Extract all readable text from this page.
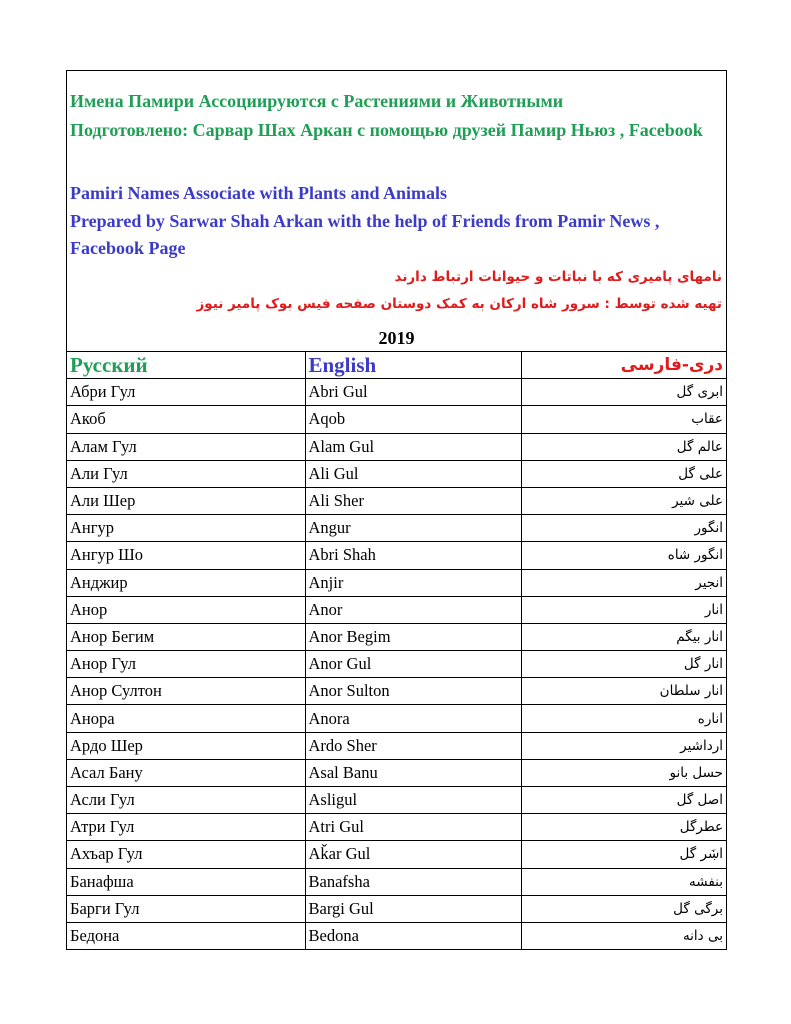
Имена Памири Ассоциируются с Растениями и Животными
Подготовлено: Сарвар Шах Аркан с помощью друзей Памир Ньюз , Facebook
Pamiri Names Associate with Plants and Animals
Prepared by Sarwar Shah Arkan with the help of Friends from Pamir News , Facebook Page
نامهای پامیری که با نباتات و حیوانات ارتباط دارند
تهیه شده توسط : سرور شاه ارکان به کمک دوستان صفحه فیس بوک پامیر نیوز
2019
Русский	English	دری-فارسی
Абри Гул	Abri Gul	ابری گل
Акоб	Aqob	عقاب
Алам Гул	Alam Gul	عالم گل
Али Гул	Ali Gul	علی گل
Али Шер	Ali Sher	علی شیر
Ангур	Angur	انگور
Ангур Шо	Abri Shah	انگور شاه
Анджир	Anjir	انجیر
Анор	Anor	انار
Анор Бегим	Anor Begim	انار بیگم
Анор Гул	Anor Gul	انار گل
Анор Султон	Anor Sulton	انار سلطان
Анора	Anora	اناره
Ардо Шер	Ardo Sher	ارداشیر
Асал Бану	Asal Banu	حسل بانو
Асли Гул	Asligul	اصل گل
Атри Гул	Atri Gul	عطرگل
Ахъар Гул	Aǩar Gul	اښَر گل
Банафша	Banafsha	بنفشه
Барги Гул	Bargi Gul	برگی گل
Бедона	Bedona	بی دانه
